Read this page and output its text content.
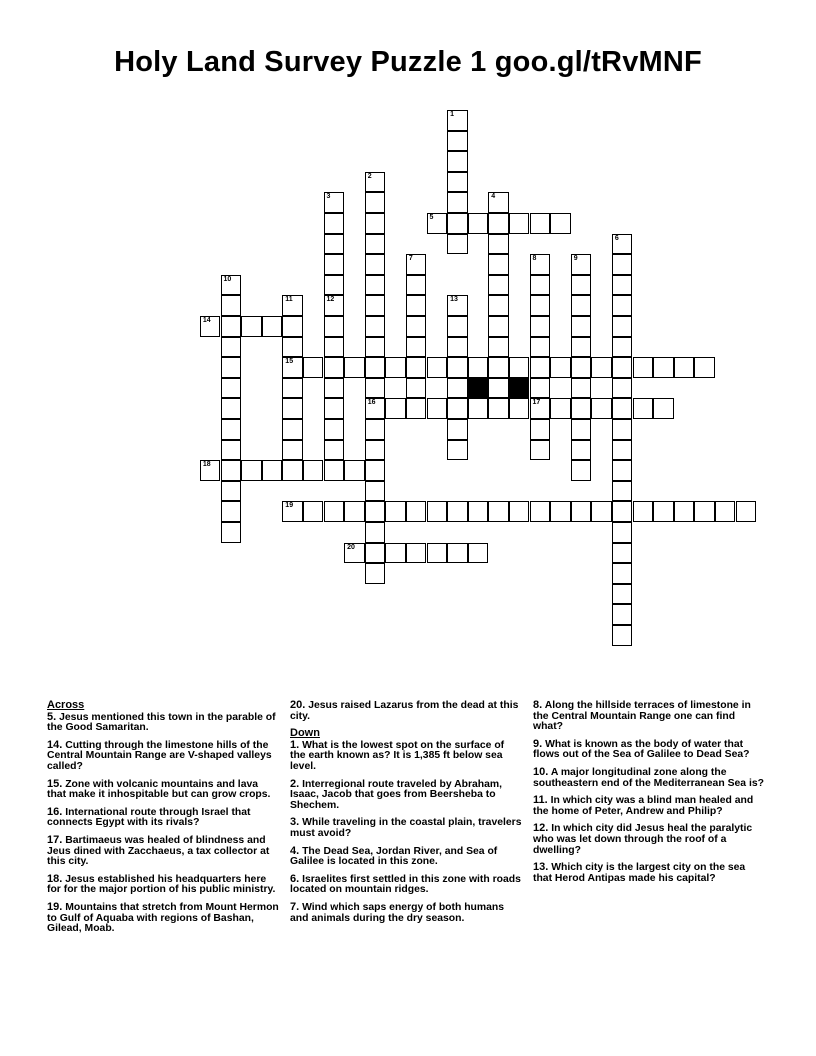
Holy Land Survey Puzzle 1 goo.gl/tRvMNF
1
2
16
3
12
4
5
6
7	8
17
9
10
11
15
13
14
18
19
20
Across
5. Jesus mentioned this town in the parable of the Good Samaritan.
14. Cutting through the limestone hills of the Central Mountain Range are V-shaped valleys called?
15. Zone with volcanic mountains and lava that make it inhospitable but can grow crops.
16. International route through Israel that connects Egypt with its rivals?
17. Bartimaeus was healed of blindness and Jeus dined with Zacchaeus, a tax collector at this city.
18. Jesus established his headquarters here for for the major portion of his public ministry.
19. Mountains that stretch from Mount Hermon to Gulf of Aquaba with regions of Bashan, Gilead, Moab.
20. Jesus raised Lazarus from the dead at this city.
Down
1. What is the lowest spot on the surface of the earth known as? It is 1,385 ft below sea level.
2. Interregional route traveled by Abraham, Isaac, Jacob that goes from Beersheba to Shechem.
3. While traveling in the coastal plain, travelers must avoid?
4. The Dead Sea, Jordan River, and Sea of Galilee is located in this zone.
6. Israelites first settled in this zone with roads located on mountain ridges.
7. Wind which saps energy of both humans and animals during the dry season.
8. Along the hillside terraces of limestone in the Central Mountain Range one can find what?
9. What is known as the body of water that flows out of the Sea of Galilee to Dead Sea?
10. A major longitudinal zone along the southeastern end of the Mediterranean Sea is?
11. In which city was a blind man healed and the home of Peter, Andrew and Philip?
12. In which city did Jesus heal the paralytic who was let down through the roof of a dwelling?
13. Which city is the largest city on the sea that Herod Antipas made his capital?
